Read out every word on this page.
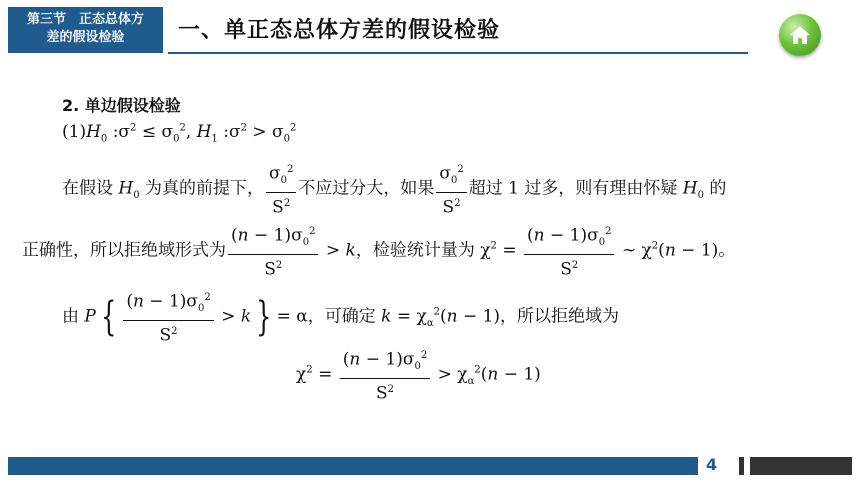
第三节　正态总体方
差的假设检验	一、单正态总体方差的假设检验
2. 单边假设检验
$(1)H_0$ $:\sigma^2 \le \sigma_0^2$, $H_1$ $:\sigma^2 > \sigma_0^2$
在假设 $H_0$ 为真的前提下， $\frac{\sigma_0^2}{S^2}$ 不应过分大，如果 $\frac{\sigma_0^2}{S^2}$ 超过 1 过多，则有理由怀疑 $H_0$ 的
正确性，所以拒绝域形式为 $\frac{(n - 1)\sigma_0^2}{S^2} > k$，检验统计量为 $\chi^2 = \frac{(n - 1)\sigma_0^2}{S^2}$ ∼ $\chi^2(n - 1)$。
由 P { $\frac{(n - 1)\sigma_0^2}{S^2} > k$ } = α，可确定 $k = \chi_\alpha^2(n - 1)$，所以拒绝域为
$\chi^2 = \frac{(n - 1)\sigma_0^2}{S^2} > \chi_\alpha^2(n - 1)$
4
